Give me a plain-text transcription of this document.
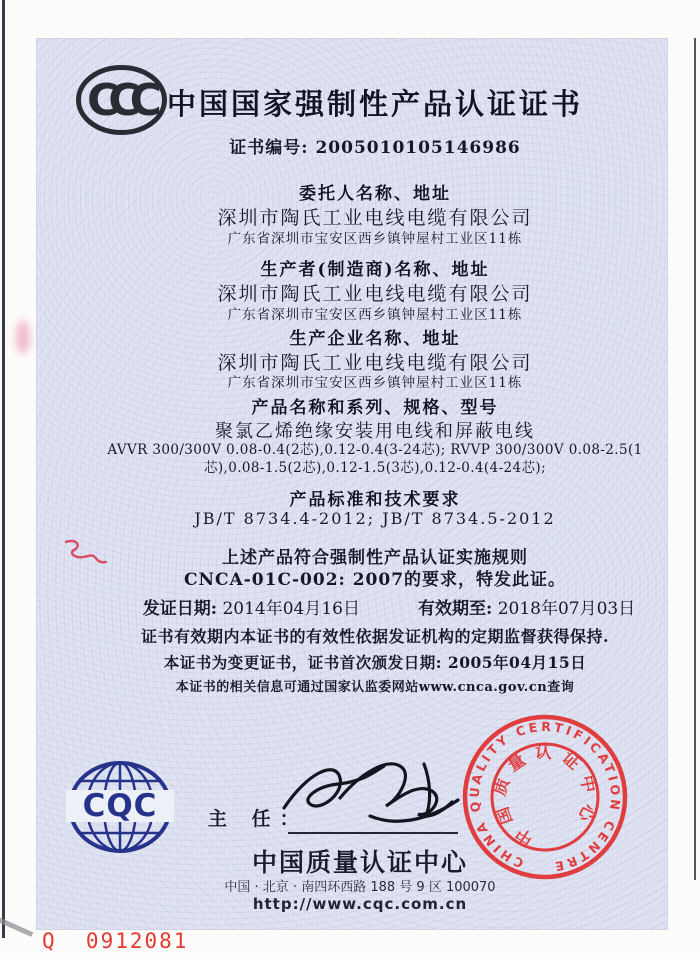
CCC 中国国家强制性产品认证证书
证书编号: 2005010105146986
委托人名称、地址
深圳市陶氏工业电线电缆有限公司
广东省深圳市宝安区西乡镇钟屋村工业区11栋
生产者(制造商)名称、地址
深圳市陶氏工业电线电缆有限公司
广东省深圳市宝安区西乡镇钟屋村工业区11栋
生产企业名称、地址
深圳市陶氏工业电线电缆有限公司
广东省深圳市宝安区西乡镇钟屋村工业区11栋
产品名称和系列、规格、型号
聚氯乙烯绝缘安装用电线和屏蔽电线
AVVR 300/300V 0.08-0.4(2芯),0.12-0.4(3-24芯); RVVP 300/300V 0.08-2.5(1
芯),0.08-1.5(2芯),0.12-1.5(3芯),0.12-0.4(4-24芯);
产品标准和技术要求
JB/T 8734.4-2012; JB/T 8734.5-2012
上述产品符合强制性产品认证实施规则
CNCA-01C-002: 2007的要求，特发此证。
发证日期: 2014年04月16日	有效期至: 2018年07月03日
证书有效期内本证书的有效性依据发证机构的定期监督获得保持.
本证书为变更证书，证书首次颁发日期: 2005年04月15日
本证书的相关信息可通过国家认监委网站www.cnca.gov.cn查询
CQC	主 任：
中国质量认证中心
中国 · 北京 · 南四环西路 188 号 9 区 100070
http://www.cqc.com.cn
CHINA QUALITY CERTIFICATION CENTRE
中国质量认证中心
Q  0912081
